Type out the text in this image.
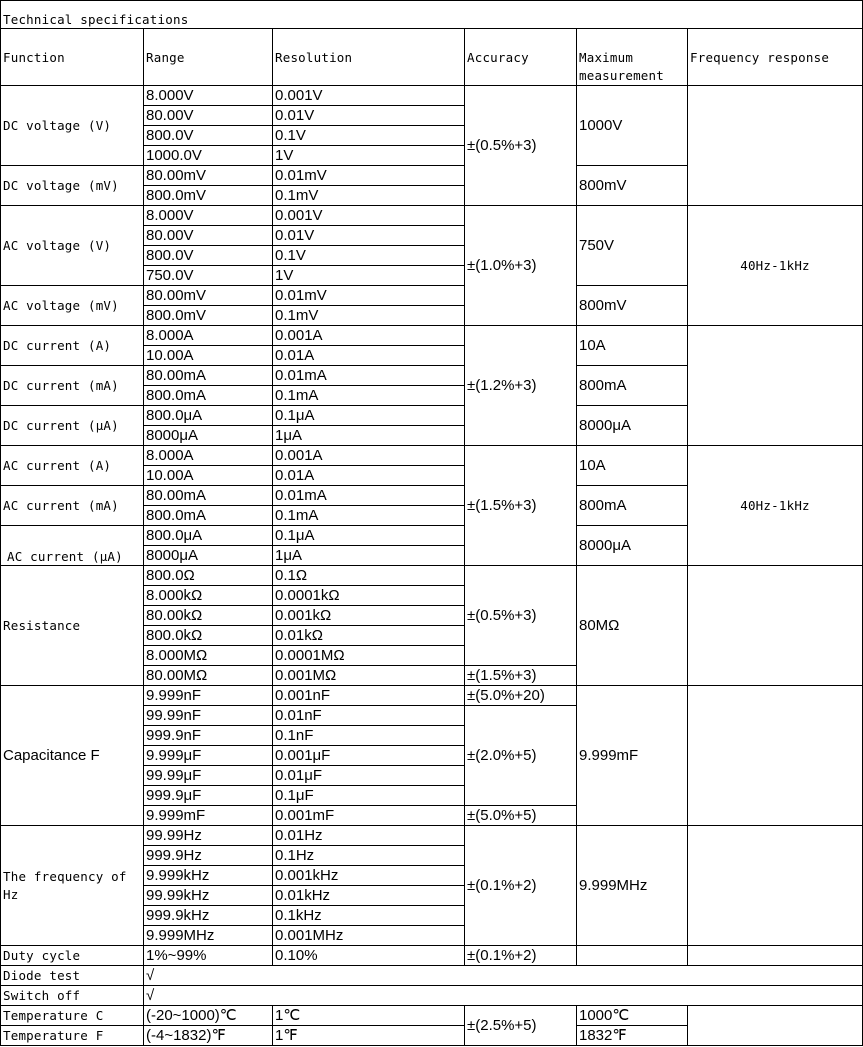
Technical specifications					
Function	Range	Resolution	Accuracy	Maximum measurement	Frequency response
DC voltage (V)	8.000V	0.001V	±(0.5%+3)	1000V	
	80.00V	0.01V			
	800.0V	0.1V			
	1000.0V	1V			
DC voltage (mV)	80.00mV	0.01mV		800mV	
	800.0mV	0.1mV			
AC voltage (V)	8.000V	0.001V	±(1.0%+3)	750V	40Hz-1kHz
	80.00V	0.01V			
	800.0V	0.1V			
	750.0V	1V			
AC voltage (mV)	80.00mV	0.01mV		800mV	
	800.0mV	0.1mV			
DC current (A)	8.000A	0.001A	±(1.2%+3)	10A	
	10.00A	0.01A			
DC current (mA)	80.00mA	0.01mA		800mA	
	800.0mA	0.1mA			
DC current (μA)	800.0μA	0.1μA		8000μA	
	8000μA	1μA			
AC current (A)	8.000A	0.001A	±(1.5%+3)	10A	40Hz-1kHz
	10.00A	0.01A			
AC current (mA)	80.00mA	0.01mA		800mA	
	800.0mA	0.1mA			
AC current (μA)	800.0μA	0.1μA		8000μA	
	8000μA	1μA			
Resistance	800.0Ω	0.1Ω	±(0.5%+3)	80MΩ	
	8.000kΩ	0.0001kΩ			
	80.00kΩ	0.001kΩ			
	800.0kΩ	0.01kΩ			
	8.000MΩ	0.0001MΩ			
	80.00MΩ	0.001MΩ	±(1.5%+3)		
Capacitance F	9.999nF	0.001nF	±(5.0%+20)	9.999mF	
	99.99nF	0.01nF	±(2.0%+5)		
	999.9nF	0.1nF			
	9.999μF	0.001μF			
	99.99μF	0.01μF			
	999.9μF	0.1μF			
	9.999mF	0.001mF	±(5.0%+5)		
The frequency of Hz	99.99Hz	0.01Hz	±(0.1%+2)	9.999MHz	
	999.9Hz	0.1Hz			
	9.999kHz	0.001kHz			
	99.99kHz	0.01kHz			
	999.9kHz	0.1kHz			
	9.999MHz	0.001MHz			
Duty cycle	1%~99%	0.10%	±(0.1%+2)		
Diode test	√				
Switch off	√				
Temperature C	(-20~1000)℃	1℃	±(2.5%+5)	1000℃	
Temperature F	(-4~1832)℉	1℉		1832℉	
